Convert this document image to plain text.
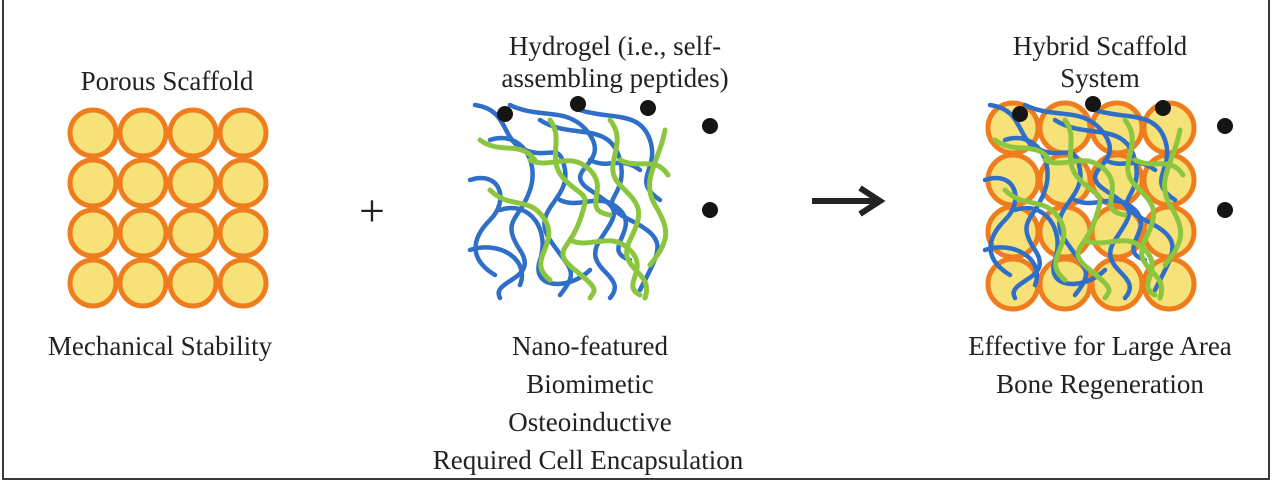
Porous Scaffold
Mechanical Stability
+
Hydrogel (i.e., self-
assembling peptides)
Nano-featured
Biomimetic
Osteoinductive
Required Cell Encapsulation
Hybrid Scaffold
System
Effective for Large Area
Bone Regeneration
